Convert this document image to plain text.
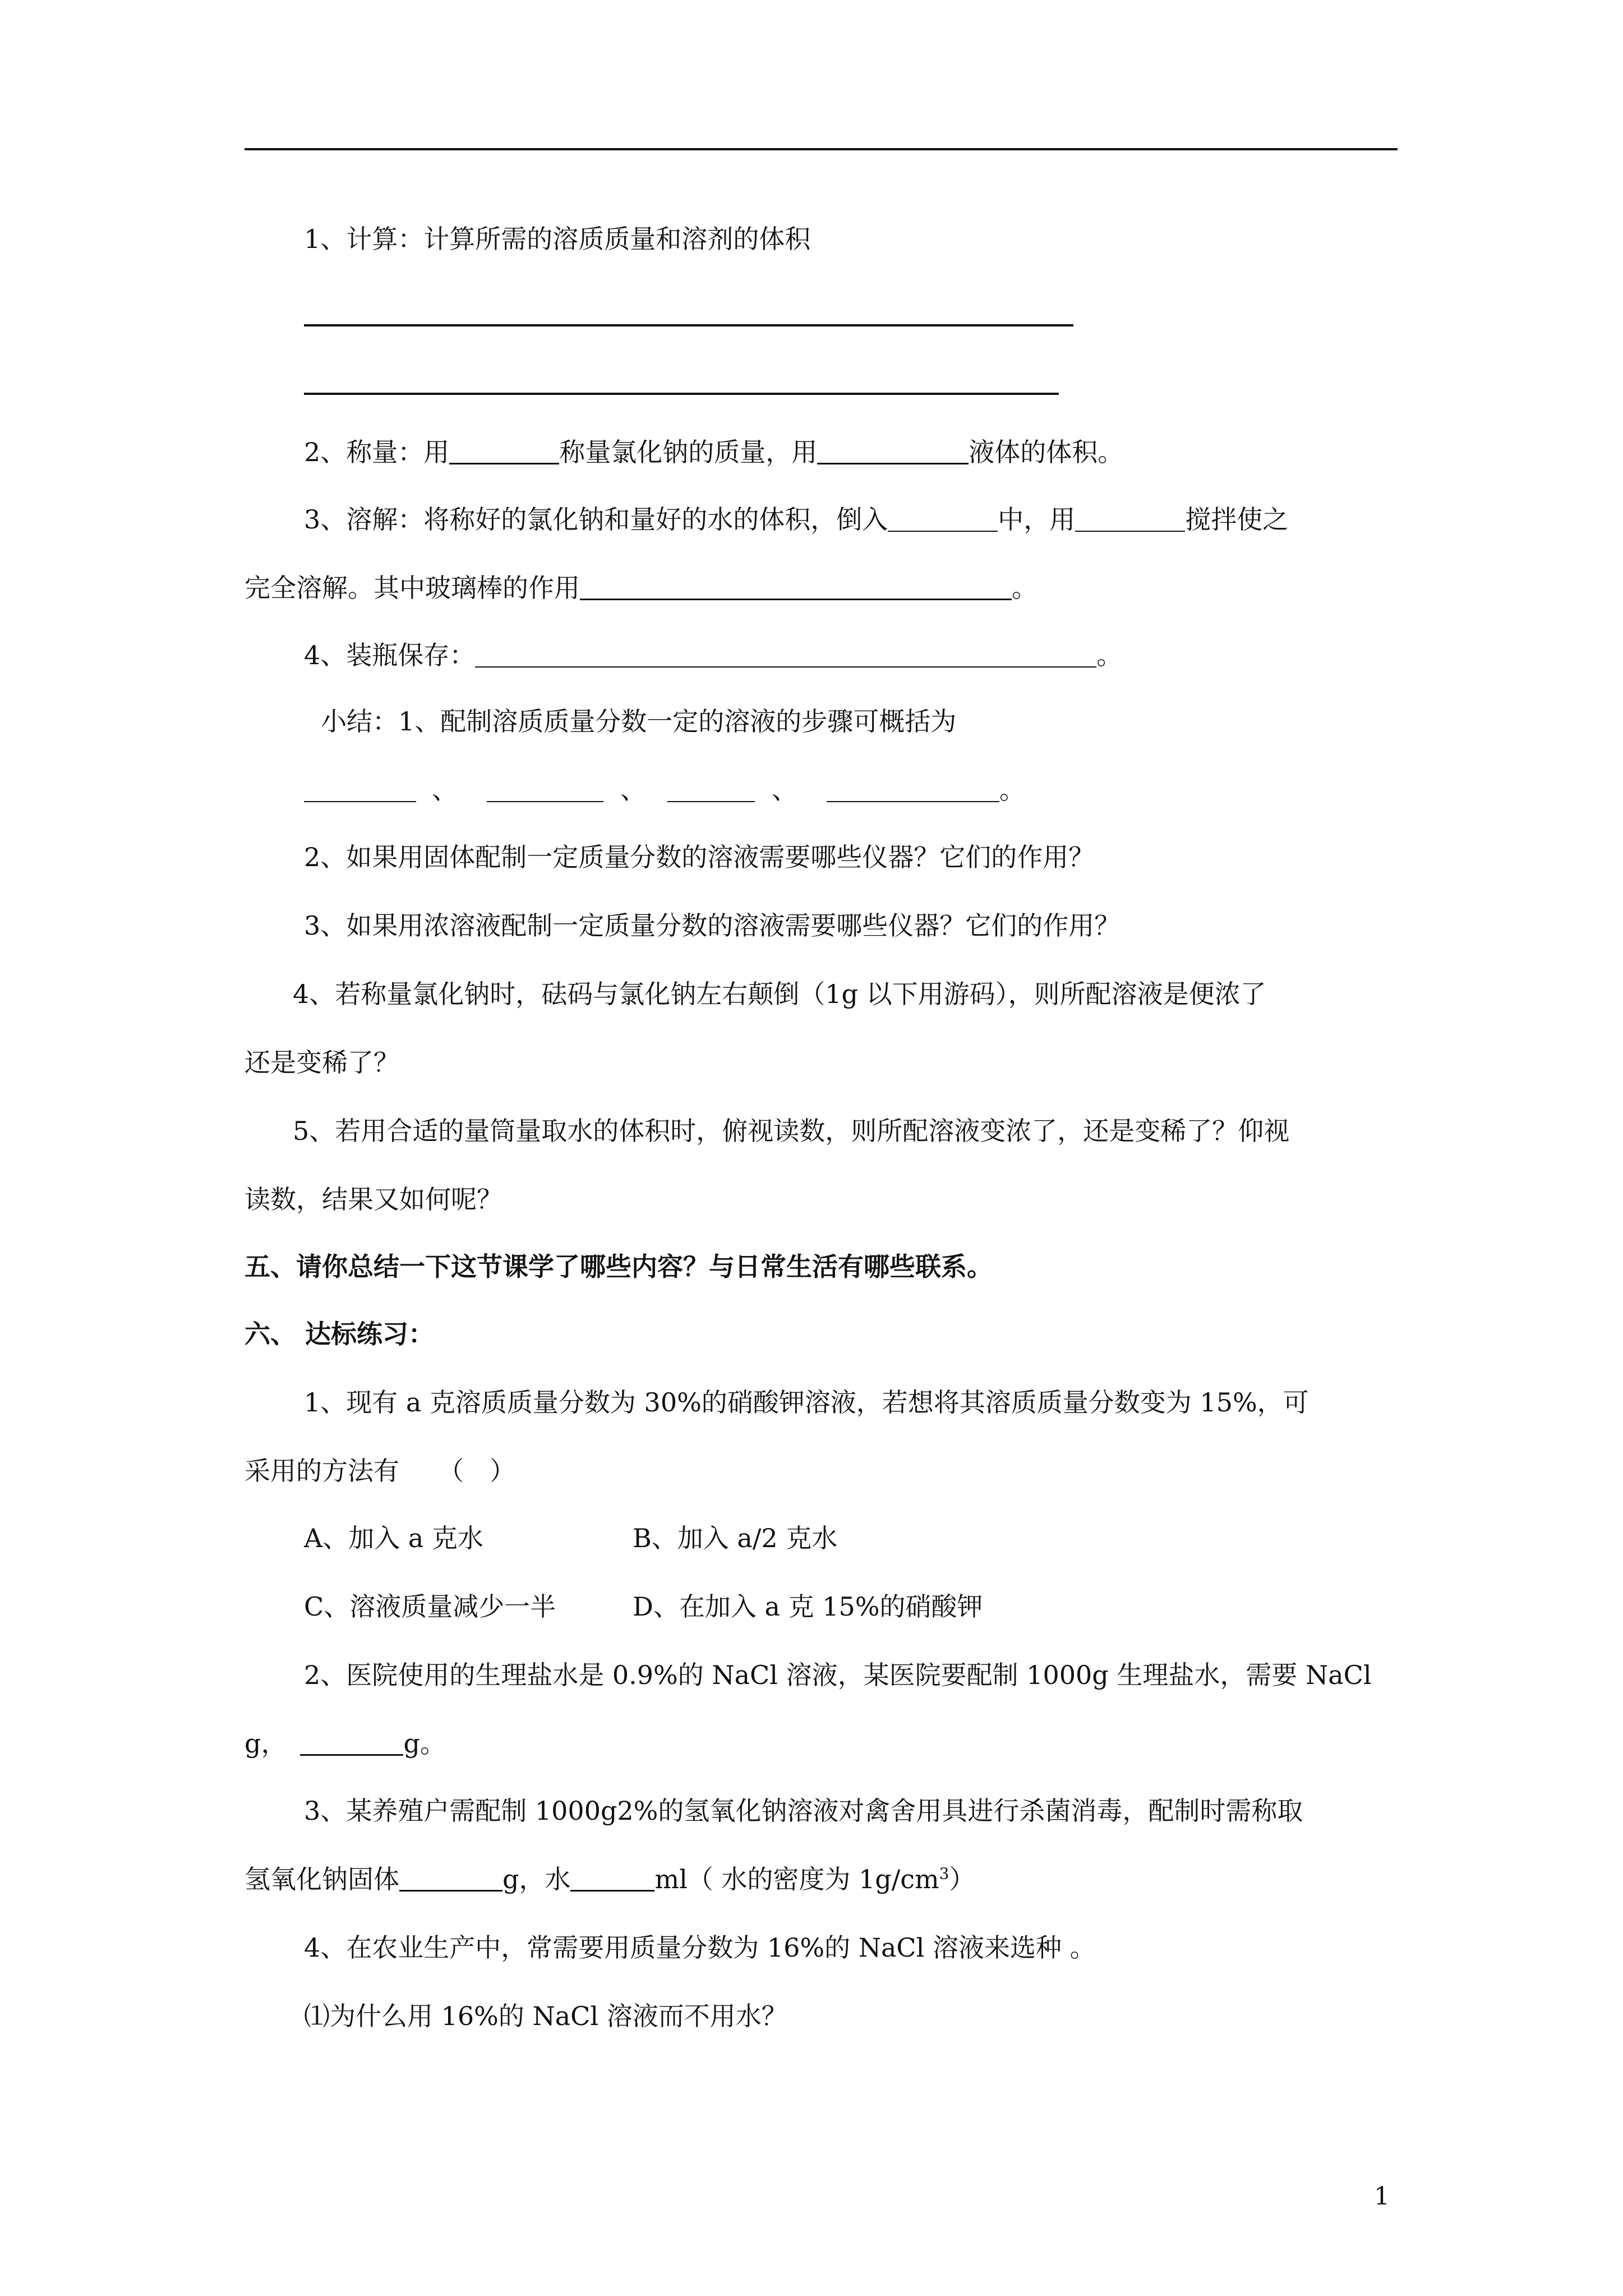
1、计算：计算所需的溶质质量和溶剂的体积
2、称量：用	称量氯化钠的质量，用	液体的体积。
3、溶解：将称好的氯化钠和量好的水的体积，倒入	中，用	搅拌使之
完全溶解。其中玻璃棒的作用	。
4、装瓶保存：	。
小结：1、配制溶质质量分数一定的溶液的步骤可概括为
、	、	、	。
2、如果用固体配制一定质量分数的溶液需要哪些仪器？它们的作用？
3、如果用浓溶液配制一定质量分数的溶液需要哪些仪器？它们的作用？
4、若称量氯化钠时，砝码与氯化钠左右颠倒（1g 以下用游码），则所配溶液是便浓了
还是变稀了？
5、若用合适的量筒量取水的体积时，俯视读数，则所配溶液变浓了，还是变稀了？仰视
读数，结果又如何呢？
五、请你总结一下这节课学了哪些内容？与日常生活有哪些联系。
六、 达标练习：
1、现有 a 克溶质质量分数为 30%的硝酸钾溶液，若想将其溶质质量分数变为 15%，可
采用的方法有　　（　）
A、加入 a 克水	B、加入 a/2 克水
C、溶液质量减少一半	D、在加入 a 克 15%的硝酸钾
2、医院使用的生理盐水是 0.9%的 NaCl 溶液，某医院要配制 1000g 生理盐水，需要 NaCl
g，	g。
3、某养殖户需配制 1000g2%的氢氧化钠溶液对禽舍用具进行杀菌消毒，配制时需称取
氢氧化钠固体	g，水	ml（ 水的密度为 $1g/cm^3$）
4、在农业生产中，常需要用质量分数为 16%的 NaCl 溶液来选种 。
⑴为什么用 16%的 NaCl 溶液而不用水？
1
